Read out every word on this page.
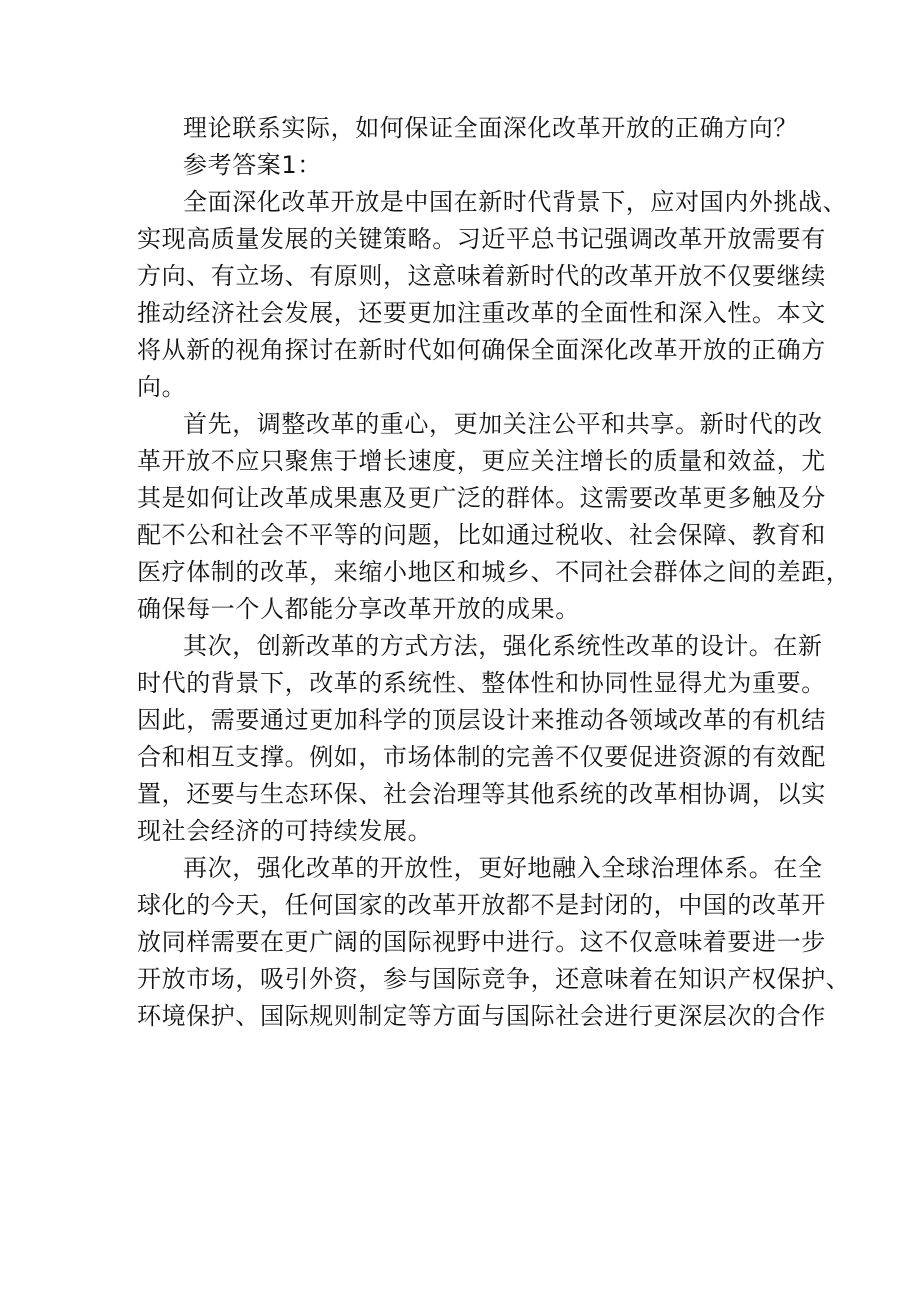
理论联系实际，如何保证全面深化改革开放的正确方向？

参考答案1：

全面深化改革开放是中国在新时代背景下，应对国内外挑战、

实现高质量发展的关键策略。习近平总书记强调改革开放需要有

方向、有立场、有原则，这意味着新时代的改革开放不仅要继续

推动经济社会发展，还要更加注重改革的全面性和深入性。本文

将从新的视角探讨在新时代如何确保全面深化改革开放的正确方

向。

首先，调整改革的重心，更加关注公平和共享。新时代的改

革开放不应只聚焦于增长速度，更应关注增长的质量和效益，尤

其是如何让改革成果惠及更广泛的群体。这需要改革更多触及分

配不公和社会不平等的问题，比如通过税收、社会保障、教育和

医疗体制的改革，来缩小地区和城乡、不同社会群体之间的差距，

确保每一个人都能分享改革开放的成果。

其次，创新改革的方式方法，强化系统性改革的设计。在新

时代的背景下，改革的系统性、整体性和协同性显得尤为重要。

因此，需要通过更加科学的顶层设计来推动各领域改革的有机结

合和相互支撑。例如，市场体制的完善不仅要促进资源的有效配

置，还要与生态环保、社会治理等其他系统的改革相协调，以实

现社会经济的可持续发展。

再次，强化改革的开放性，更好地融入全球治理体系。在全

球化的今天，任何国家的改革开放都不是封闭的，中国的改革开

放同样需要在更广阔的国际视野中进行。这不仅意味着要进一步

开放市场，吸引外资，参与国际竞争，还意味着在知识产权保护、

环境保护、国际规则制定等方面与国际社会进行更深层次的合作
